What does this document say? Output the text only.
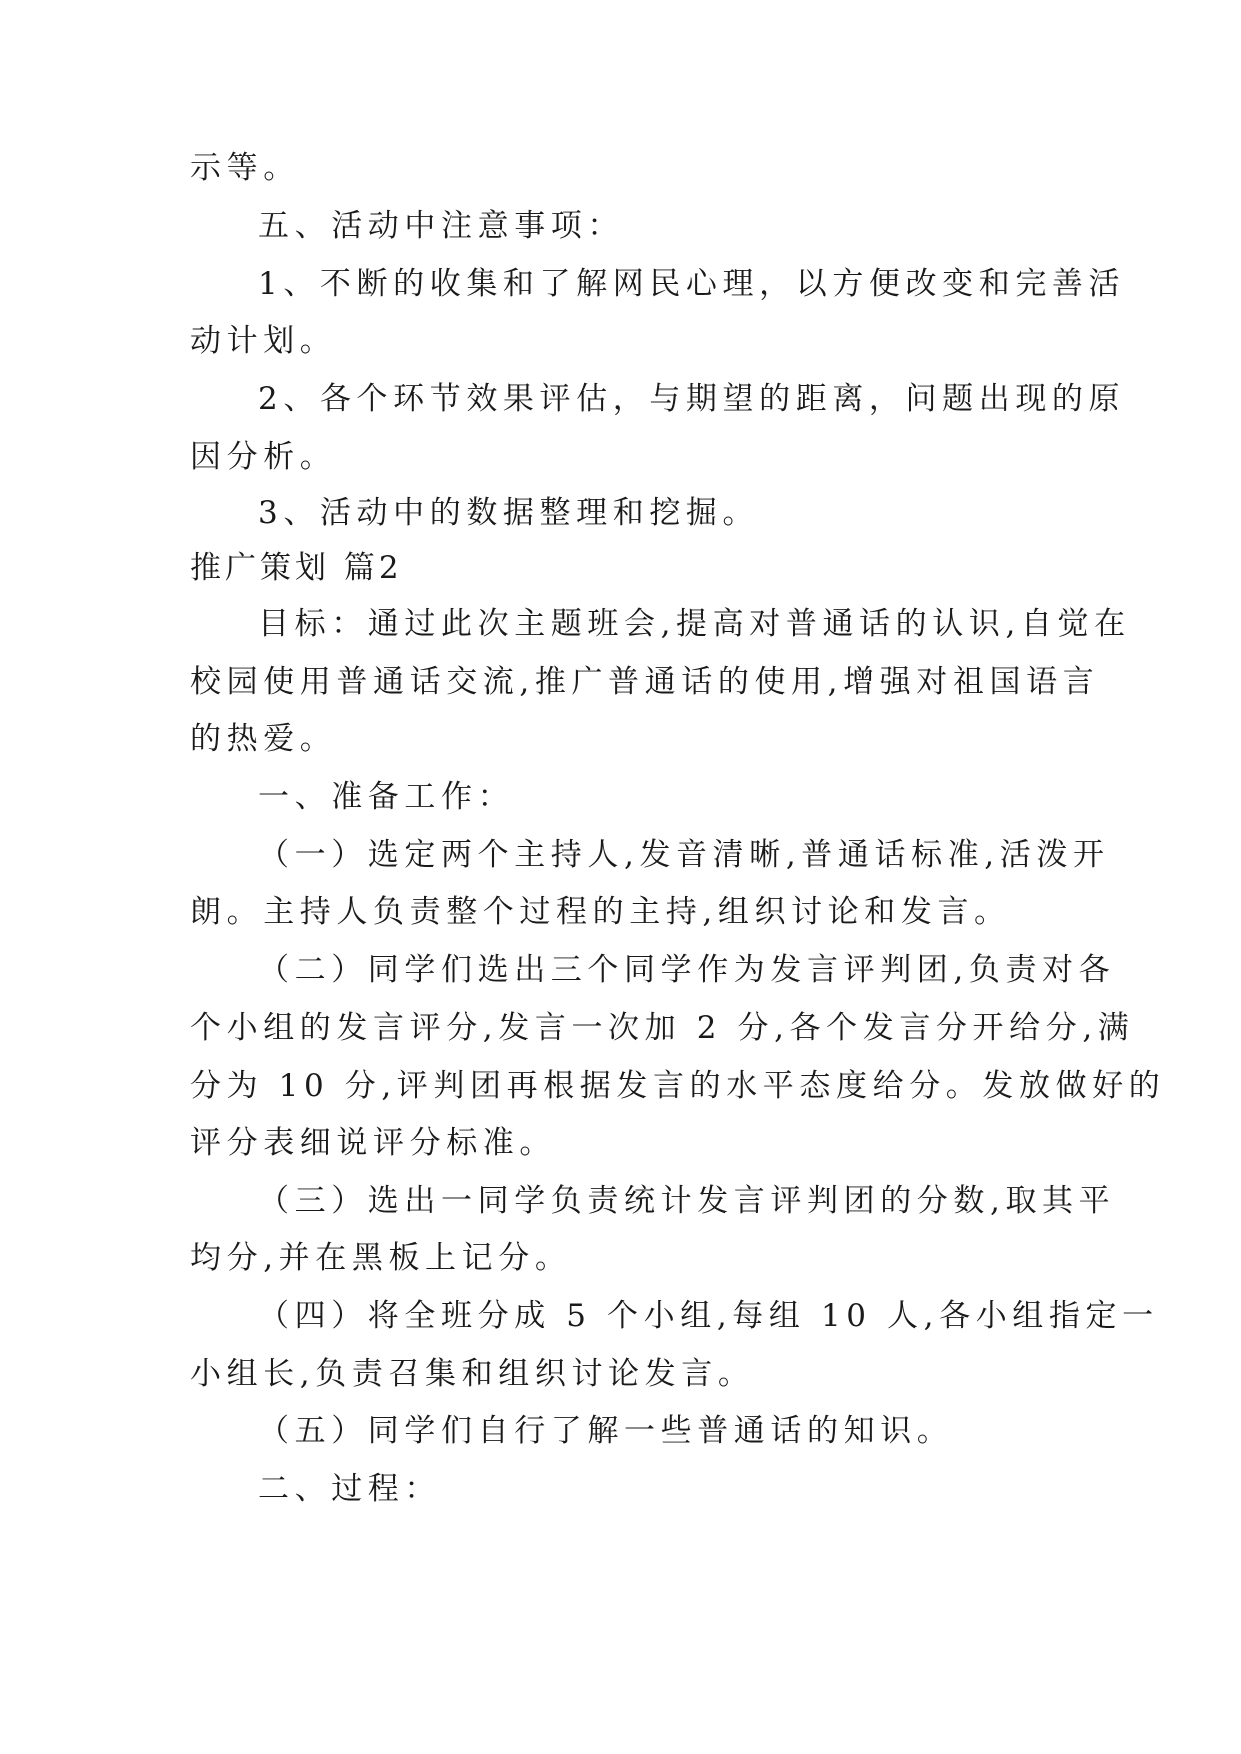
示等。
五、活动中注意事项：
1、不断的收集和了解网民心理，以方便改变和完善活
动计划。
2、各个环节效果评估，与期望的距离，问题出现的原
因分析。
3、活动中的数据整理和挖掘。
推广策划 篇2
目标：通过此次主题班会,提高对普通话的认识,自觉在
校园使用普通话交流,推广普通话的使用,增强对祖国语言
的热爱。
一、准备工作：
（一）选定两个主持人,发音清晰,普通话标准,活泼开
朗。主持人负责整个过程的主持,组织讨论和发言。
（二）同学们选出三个同学作为发言评判团,负责对各
个小组的发言评分,发言一次加 2 分,各个发言分开给分,满
分为 10 分,评判团再根据发言的水平态度给分。发放做好的
评分表细说评分标准。
（三）选出一同学负责统计发言评判团的分数,取其平
均分,并在黑板上记分。
（四）将全班分成 5 个小组,每组 10 人,各小组指定一
小组长,负责召集和组织讨论发言。
（五）同学们自行了解一些普通话的知识。
二、过程：
